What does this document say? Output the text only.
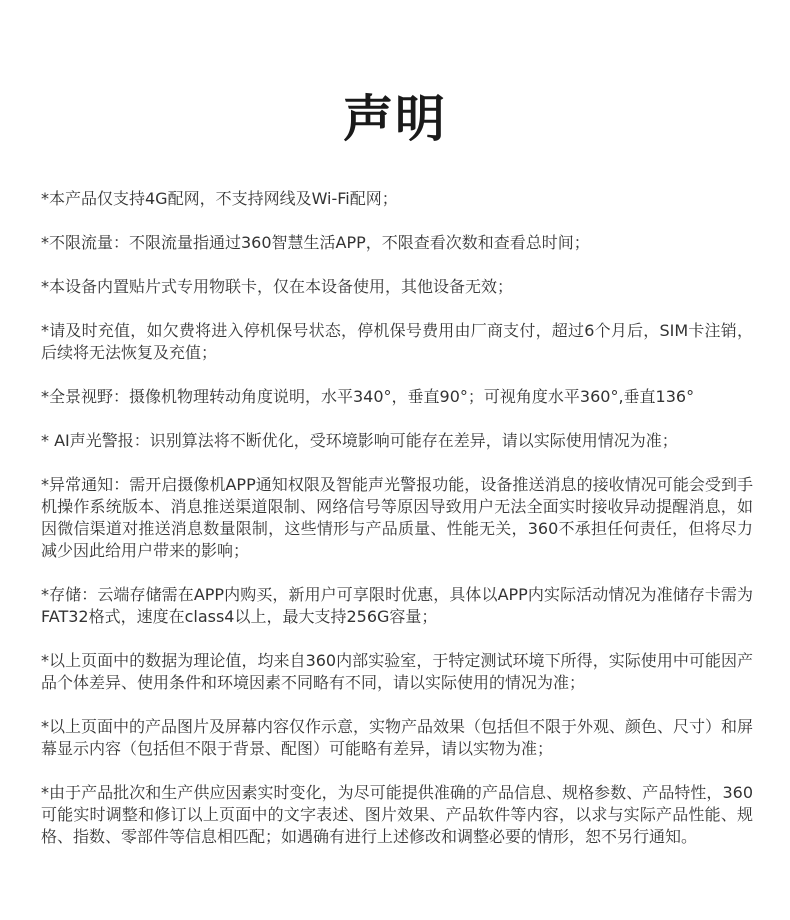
声明

*本产品仅支持4G配网，不支持网线及Wi-Fi配网；

*不限流量：不限流量指通过360智慧生活APP，不限查看次数和查看总时间；

*本设备内置贴片式专用物联卡，仅在本设备使用，其他设备无效；

*请及时充值，如欠费将进入停机保号状态，停机保号费用由厂商支付，超过6个月后，SIM卡注销，后续将无法恢复及充值；

*全景视野：摄像机物理转动角度说明，水平340°，垂直90°；可视角度水平360°,垂直136°

* AI声光警报：识别算法将不断优化，受环境影响可能存在差异，请以实际使用情况为准；

*异常通知：需开启摄像机APP通知权限及智能声光警报功能，设备推送消息的接收情况可能会受到手机操作系统版本、消息推送渠道限制、网络信号等原因导致用户无法全面实时接收异动提醒消息，如因微信渠道对推送消息数量限制，这些情形与产品质量、性能无关，360不承担任何责任，但将尽力减少因此给用户带来的影响；

*存储：云端存储需在APP内购买，新用户可享限时优惠，具体以APP内实际活动情况为准储存卡需为FAT32格式，速度在class4以上，最大支持256G容量；

*以上页面中的数据为理论值，均来自360内部实验室，于特定测试环境下所得，实际使用中可能因产品个体差异、使用条件和环境因素不同略有不同，请以实际使用的情况为准；

*以上页面中的产品图片及屏幕内容仅作示意，实物产品效果（包括但不限于外观、颜色、尺寸）和屏幕显示内容（包括但不限于背景、配图）可能略有差异，请以实物为准；

*由于产品批次和生产供应因素实时变化，为尽可能提供准确的产品信息、规格参数、产品特性，360可能实时调整和修订以上页面中的文字表述、图片效果、产品软件等内容，以求与实际产品性能、规格、指数、零部件等信息相匹配；如遇确有进行上述修改和调整必要的情形，恕不另行通知。
